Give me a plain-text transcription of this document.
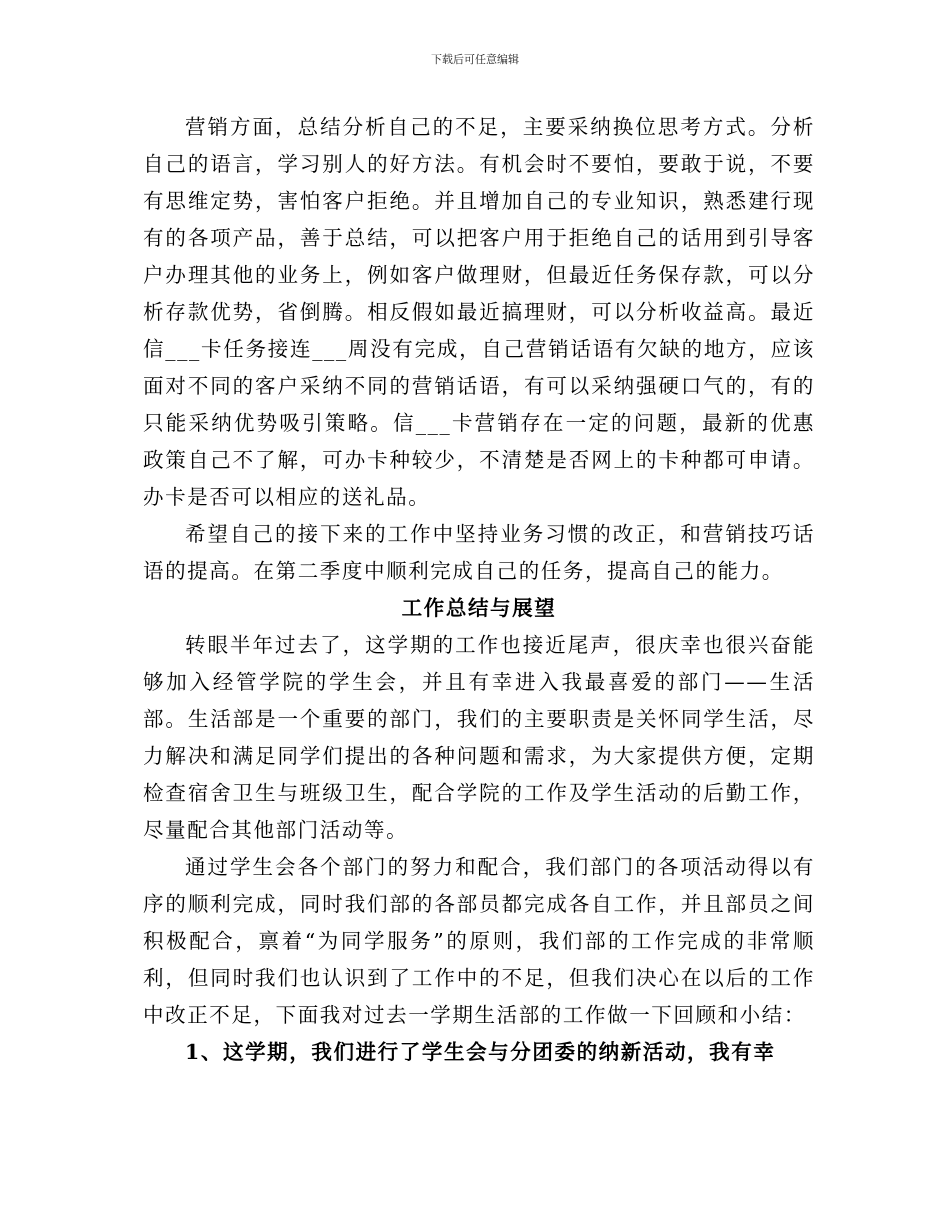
下载后可任意编辑

营销方面，总结分析自己的不足，主要采纳换位思考方式。分析自己的语言，学习别人的好方法。有机会时不要怕，要敢于说，不要有思维定势，害怕客户拒绝。并且增加自己的专业知识，熟悉建行现有的各项产品，善于总结，可以把客户用于拒绝自己的话用到引导客户办理其他的业务上，例如客户做理财，但最近任务保存款，可以分析存款优势，省倒腾。相反假如最近搞理财，可以分析收益高。最近信___卡任务接连___周没有完成，自己营销话语有欠缺的地方，应该面对不同的客户采纳不同的营销话语，有可以采纳强硬口气的，有的只能采纳优势吸引策略。信___卡营销存在一定的问题，最新的优惠政策自己不了解，可办卡种较少，不清楚是否网上的卡种都可申请。办卡是否可以相应的送礼品。

希望自己的接下来的工作中坚持业务习惯的改正，和营销技巧话语的提高。在第二季度中顺利完成自己的任务，提高自己的能力。

工作总结与展望

转眼半年过去了，这学期的工作也接近尾声，很庆幸也很兴奋能够加入经管学院的学生会，并且有幸进入我最喜爱的部门——生活部。生活部是一个重要的部门，我们的主要职责是关怀同学生活，尽力解决和满足同学们提出的各种问题和需求，为大家提供方便，定期检查宿舍卫生与班级卫生，配合学院的工作及学生活动的后勤工作，尽量配合其他部门活动等。

通过学生会各个部门的努力和配合，我们部门的各项活动得以有序的顺利完成，同时我们部的各部员都完成各自工作，并且部员之间积极配合，禀着“为同学服务”的原则，我们部的工作完成的非常顺利，但同时我们也认识到了工作中的不足，但我们决心在以后的工作中改正不足，下面我对过去一学期生活部的工作做一下回顾和小结：

1、这学期，我们进行了学生会与分团委的纳新活动，我有幸
